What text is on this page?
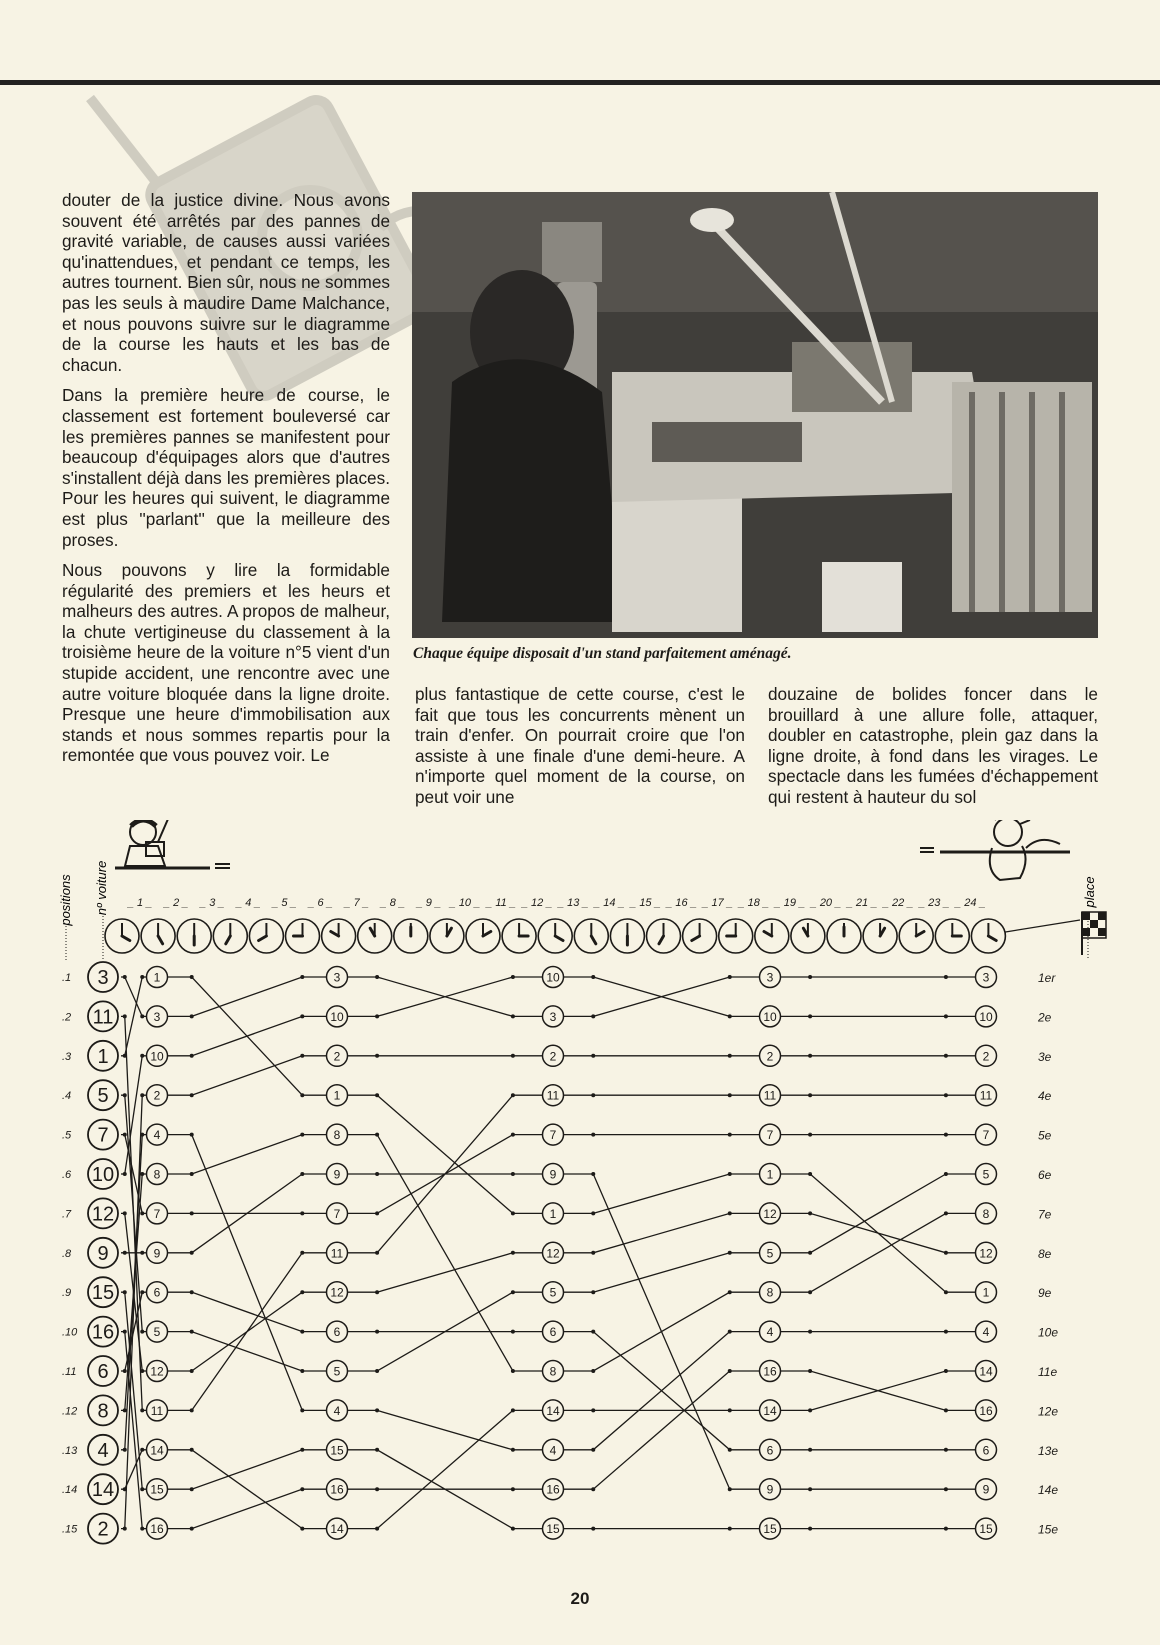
douter de la justice divine. Nous avons souvent été arrêtés par des pannes de gravité variable, de causes aussi variées qu'inattendues, et pendant ce temps, les autres tournent. Bien sûr, nous ne sommes pas les seuls à maudire Dame Malchance, et nous pouvons suivre sur le diagramme de la course les hauts et les bas de chacun.

Dans la première heure de course, le classement est fortement bouleversé car les premières pannes se manifestent pour beaucoup d'équipages alors que d'autres s'installent déjà dans les premières places. Pour les heures qui suivent, le diagramme est plus ''parlant'' que la meilleure des proses.

Nous pouvons y lire la formidable régularité des premiers et les heurs et malheurs des autres. A propos de malheur, la chute vertigineuse du classement à la troisième heure de la voiture n°5 vient d'un stupide accident, une rencontre avec une autre voiture bloquée dans la ligne droite. Presque une heure d'immobilisation aux stands et nous sommes repartis pour la remontée que vous pouvez voir. Le

Chaque équipe disposait d'un stand parfaitement aménagé.

plus fantastique de cette course, c'est le fait que tous les concurrents mènent un train d'enfer. On pourrait croire que l'on assiste à une finale d'une demi-heure. A n'importe quel moment de la course, on peut voir une

douzaine de bolides foncer dans le brouillard à une allure folle, attaquer, doubler en catastrophe, plein gaz dans la ligne droite, à fond dans les virages. Le spectacle dans les fumées d'échappement qui restent à hauteur du sol

positions nº voiture	place
_ 1 _ _ 2 _ _ 3 _ _ 4 _ _ 5 _ _ 6 _ _ 7 _ _ 8 _ _ 9 _ _ 10 _ _ 11 _ _ 12 _ _ 13 _ _ 14 _ _ 15 _ _ 16 _ _ 17 _ _ 18 _ _ 19 _ _ 20 _ _ 21 _ _ 22 _ _ 23 _ _ 24 _
3
11
1
5
7
10
12
9
15
16
6
8
4
14
2
1
3
10
2
4
8
7
9
6
5
12
11
14
15
16
3
10
2
1
8
9
7
11
12
6
5
4
15
16
14
10
3
2
11
7
9
1
12
5
6
8
14
4
16
15
3
10
2
11
7
1
12
5
8
4
16
14
6
9
15
3
10
2
11
7
5
8
12
1
4
14
16
6
9
15
.1
.2
.3
.4
.5
.6
.7
.8
.9
.10
.11
.12
.13
.14
.15
1er
2e
3e
4e
5e
6e
7e
8e
9e
10e
11e
12e
13e
14e
15e
20
